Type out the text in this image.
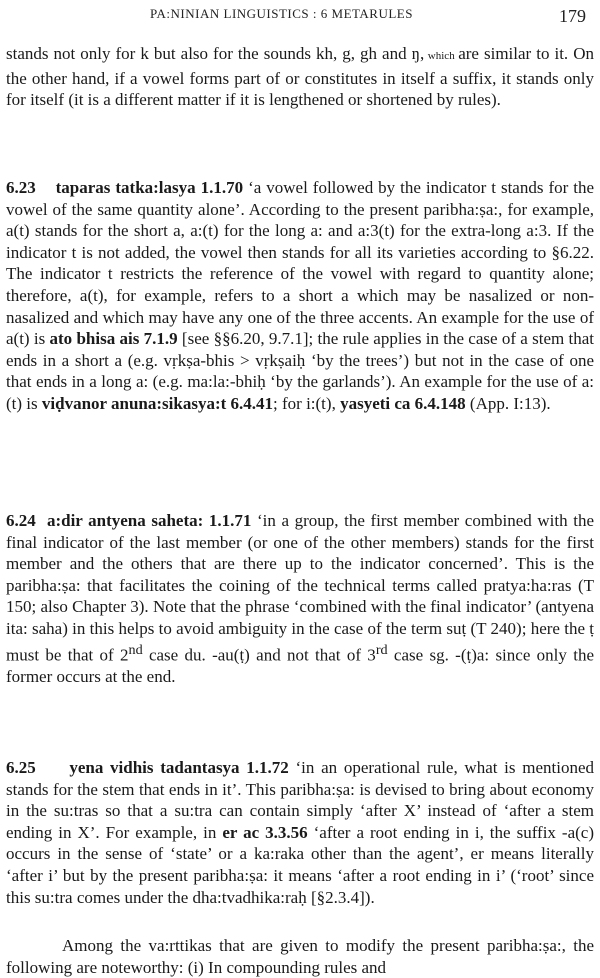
PA:NINIAN LINGUISTICS : 6 METARULES	179

stands not only for k but also for the sounds kh, g, gh and ŋ, which are similar to it. On the other hand, if a vowel forms part of or constitutes in itself a suffix, it stands only for itself (it is a different matter if it is lengthened or shortened by rules).

6.23 taparas tatka:lasya 1.1.70 ‘a vowel followed by the indicator t stands for the vowel of the same quantity alone’. According to the present paribha:ṣa:, for example, a(t) stands for the short a, a:(t) for the long a: and a:3(t) for the extra-long a:3. If the indicator t is not added, the vowel then stands for all its varieties according to §6.22. The indicator t restricts the reference of the vowel with regard to quantity alone; therefore, a(t), for example, refers to a short a which may be nasalized or non-nasalized and which may have any one of the three accents. An example for the use of a(t) is ato bhisa ais 7.1.9 [see §§6.20, 9.7.1]; the rule applies in the case of a stem that ends in a short a (e.g. vṛkṣa-bhis > vṛkṣaiḥ ‘by the trees’) but not in the case of one that ends in a long a: (e.g. ma:la:-bhiḥ ‘by the garlands’). An example for the use of a:(t) is viḍvanor anuna:sikasya:t 6.4.41; for i:(t), yasyeti ca 6.4.148 (App. I:13).

6.24 a:dir antyena saheta: 1.1.71 ‘in a group, the first member combined with the final indicator of the last member (or one of the other members) stands for the first member and the others that are there up to the indicator concerned’. This is the paribha:ṣa: that facilitates the coining of the technical terms called pratya:ha:ras (T 150; also Chapter 3). Note that the phrase ‘combined with the final indicator’ (antyena ita: saha) in this helps to avoid ambiguity in the case of the term suṭ (T 240); here the ṭ must be that of 2nd case du. -au(ṭ) and not that of 3rd case sg. -(ṭ)a: since only the former occurs at the end.

6.25 yena vidhis tadantasya 1.1.72 ‘in an operational rule, what is mentioned stands for the stem that ends in it’. This paribha:ṣa: is devised to bring about economy in the su:tras so that a su:tra can contain simply ‘after X’ instead of ‘after a stem ending in X’. For example, in er ac 3.3.56 ‘after a root ending in i, the suffix -a(c) occurs in the sense of ‘state’ or a ka:raka other than the agent’, er means literally ‘after i’ but by the present paribha:ṣa: it means ‘after a root ending in i’ (‘root’ since this su:tra comes under the dha:tvadhika:raḥ [§2.3.4]).

Among the va:rttikas that are given to modify the present paribha:ṣa:, the following are noteworthy: (i) In compounding rules and
